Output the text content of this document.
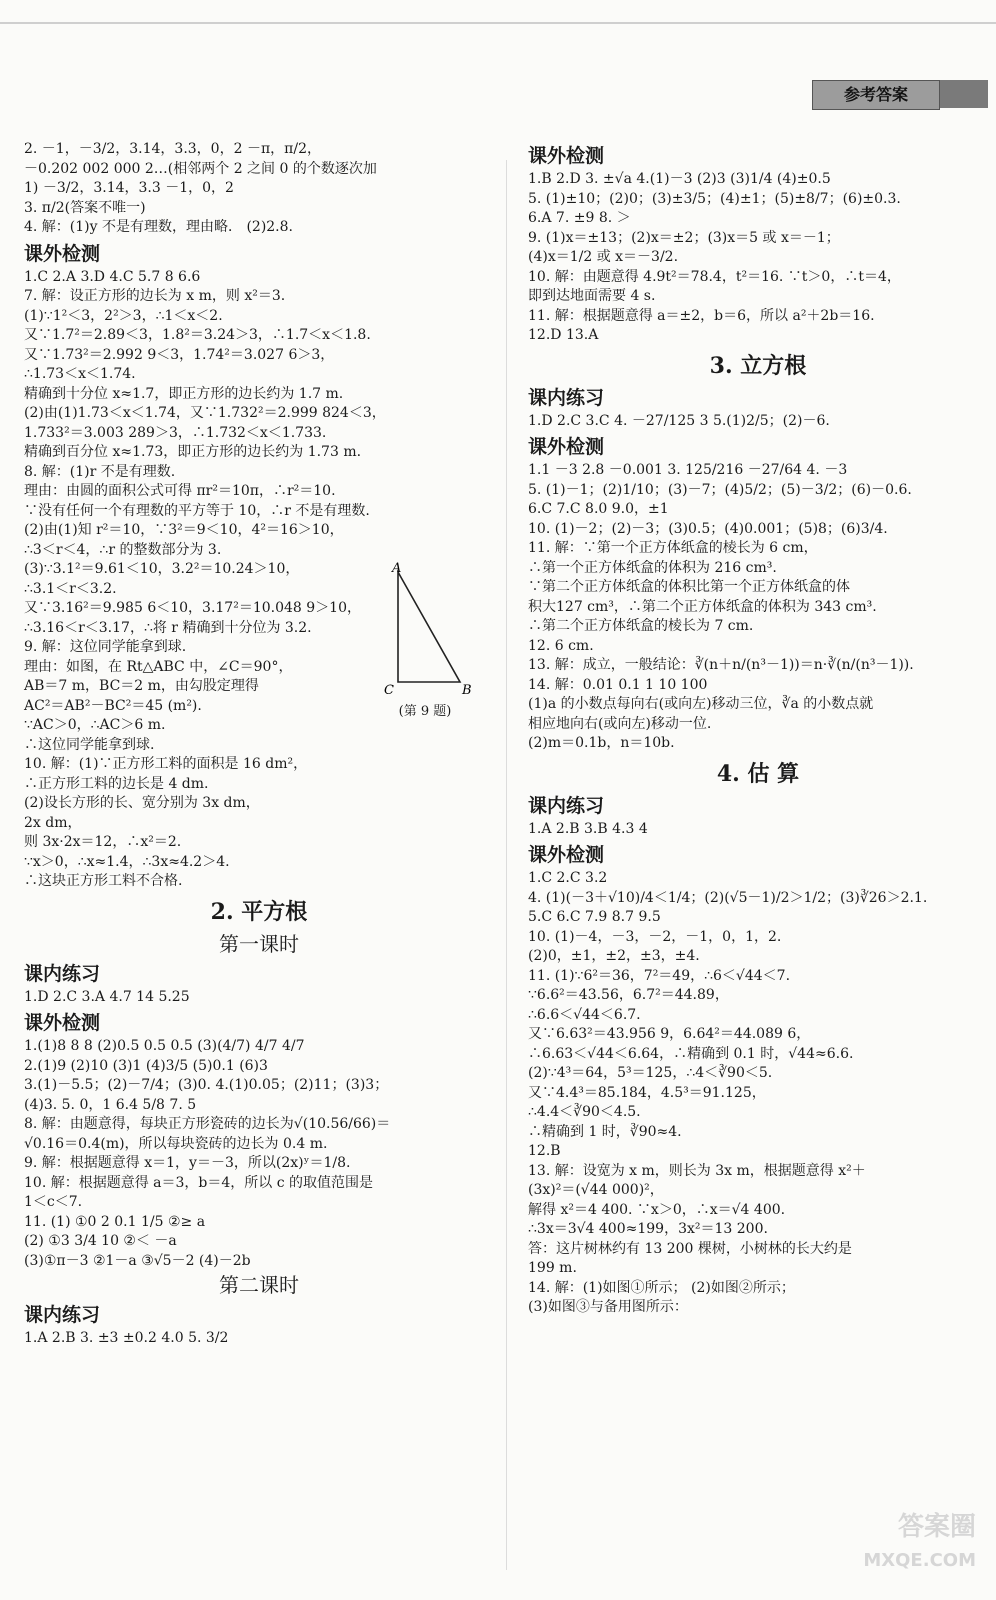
参考答案
2. －1，－3/2，3.14，3.3，0，2 －π，π/2，
－0.202 002 000 2…(相邻两个 2 之间 0 的个数逐次加
1) －3/2，3.14，3.3 －1，0，2
3. π/2(答案不唯一)
4. 解：(1)y 不是有理数，理由略． (2)2.8.
课外检测
1.C 2.A 3.D 4.C 5.7 8 6.6
7. 解：设正方形的边长为 x m，则 x²＝3.
(1)∵1²＜3，2²＞3，∴1＜x＜2.
又∵1.7²＝2.89＜3，1.8²＝3.24＞3，∴1.7＜x＜1.8.
又∵1.73²＝2.992 9＜3，1.74²＝3.027 6＞3，
∴1.73＜x＜1.74.
精确到十分位 x≈1.7，即正方形的边长约为 1.7 m.
(2)由(1)1.73＜x＜1.74，又∵1.732²＝2.999 824＜3，
1.733²＝3.003 289＞3，∴1.732＜x＜1.733.
精确到百分位 x≈1.73，即正方形的边长约为 1.73 m.
8. 解：(1)r 不是有理数.
理由：由圆的面积公式可得 πr²＝10π，∴r²＝10.
∵没有任何一个有理数的平方等于 10，∴r 不是有理数.
(2)由(1)知 r²＝10，∵3²＝9＜10，4²＝16＞10，
∴3＜r＜4，∴r 的整数部分为 3.
(3)∵3.1²＝9.61＜10，3.2²＝10.24＞10，
∴3.1＜r＜3.2.
又∵3.16²＝9.985 6＜10，3.17²＝10.048 9＞10，
∴3.16＜r＜3.17，∴将 r 精确到十分位为 3.2.
9. 解：这位同学能拿到球.
理由：如图，在 Rt△ABC 中，∠C＝90°，
AB＝7 m，BC＝2 m，由勾股定理得
AC²＝AB²－BC²＝45 (m²).
∵AC＞0，∴AC＞6 m.
∴这位同学能拿到球.
10. 解：(1)∵正方形工料的面积是 16 dm²，
∴正方形工料的边长是 4 dm.
(2)设长方形的长、宽分别为 3x dm，
2x dm，
则 3x·2x＝12，∴x²＝2.
∵x＞0，∴x≈1.4，∴3x≈4.2＞4.
∴这块正方形工料不合格.
2. 平方根
第一课时
课内练习
1.D 2.C 3.A 4.7 14 5.25
课外检测
1.(1)8 8 8 (2)0.5 0.5 0.5 (3)(4/7) 4/7 4/7
2.(1)9 (2)10 (3)1 (4)3/5 (5)0.1 (6)3
3.(1)－5.5；(2)－7/4；(3)0. 4.(1)0.05；(2)11；(3)3；
(4)3. 5. 0，1 6.4 5/8 7. 5
8. 解：由题意得，每块正方形瓷砖的边长为√(10.56/66)＝
√0.16＝0.4(m)，所以每块瓷砖的边长为 0.4 m.
9. 解：根据题意得 x＝1，y＝－3，所以(2x)ʸ＝1/8.
10. 解：根据题意得 a＝3，b＝4，所以 c 的取值范围是
1＜c＜7.
11. (1) ①0 2 0.1 1/5 ②≥ a
(2) ①3 3/4 10 ②＜ －a
(3)①π－3 ②1－a ③√5－2 (4)－2b
第二课时
课内练习
1.A 2.B 3. ±3 ±0.2 4.0 5. 3/2
课外检测
1.B 2.D 3. ±√a 4.(1)－3 (2)3 (3)1/4 (4)±0.5
5. (1)±10；(2)0；(3)±3/5；(4)±1；(5)±8/7；(6)±0.3.
6.A 7. ±9 8. ＞
9. (1)x＝±13；(2)x＝±2；(3)x＝5 或 x＝－1；
(4)x＝1/2 或 x＝－3/2.
10. 解：由题意得 4.9t²＝78.4，t²＝16. ∵t＞0，∴t＝4，
即到达地面需要 4 s.
11. 解：根据题意得 a＝±2，b＝6，所以 a²＋2b＝16.
12.D 13.A
3. 立方根
课内练习
1.D 2.C 3.C 4. －27/125 3 5.(1)2/5；(2)－6.
课外检测
1.1 －3 2.8 －0.001 3. 125/216 －27/64 4. －3
5. (1)－1；(2)1/10；(3)－7；(4)5/2；(5)－3/2；(6)－0.6.
6.C 7.C 8.0 9.0，±1
10. (1)－2；(2)－3；(3)0.5；(4)0.001；(5)8；(6)3/4.
11. 解：∵第一个正方体纸盒的棱长为 6 cm，
∴第一个正方体纸盒的体积为 216 cm³.
∵第二个正方体纸盒的体积比第一个正方体纸盒的体
积大127 cm³，∴第二个正方体纸盒的体积为 343 cm³.
∴第二个正方体纸盒的棱长为 7 cm.
12. 6 cm.
13. 解：成立，一般结论：∛(n＋n/(n³－1))＝n·∛(n/(n³－1)).
14. 解：0.01 0.1 1 10 100
(1)a 的小数点每向右(或向左)移动三位，∛a 的小数点就
相应地向右(或向左)移动一位.
(2)m＝0.1b，n＝10b.
4. 估 算
课内练习
1.A 2.B 3.B 4.3 4
课外检测
1.C 2.C 3.2
4. (1)(－3＋√10)/4＜1/4；(2)(√5－1)/2＞1/2；(3)∛26＞2.1.
5.C 6.C 7.9 8.7 9.5
10. (1)－4，－3，－2，－1，0，1，2.
(2)0，±1，±2，±3，±4.
11. (1)∵6²＝36，7²＝49，∴6＜√44＜7.
∵6.6²＝43.56，6.7²＝44.89，
∴6.6＜√44＜6.7.
又∵6.63²＝43.956 9，6.64²＝44.089 6，
∴6.63＜√44＜6.64，∴精确到 0.1 时，√44≈6.6.
(2)∵4³＝64，5³＝125，∴4＜∛90＜5.
又∵4.4³＝85.184，4.5³＝91.125，
∴4.4＜∛90＜4.5.
∴精确到 1 时，∛90≈4.
12.B
13. 解：设宽为 x m，则长为 3x m，根据题意得 x²＋
(3x)²＝(√44 000)²，
解得 x²＝4 400. ∵x＞0，∴x＝√4 400.
∴3x＝3√4 400≈199，3x²＝13 200.
答：这片树林约有 13 200 棵树，小树林的长大约是
199 m.
14. 解：(1)如图①所示； (2)如图②所示；
(3)如图③与备用图所示：
A
B
C
(第 9 题)
答案圈
MXQE.COM
